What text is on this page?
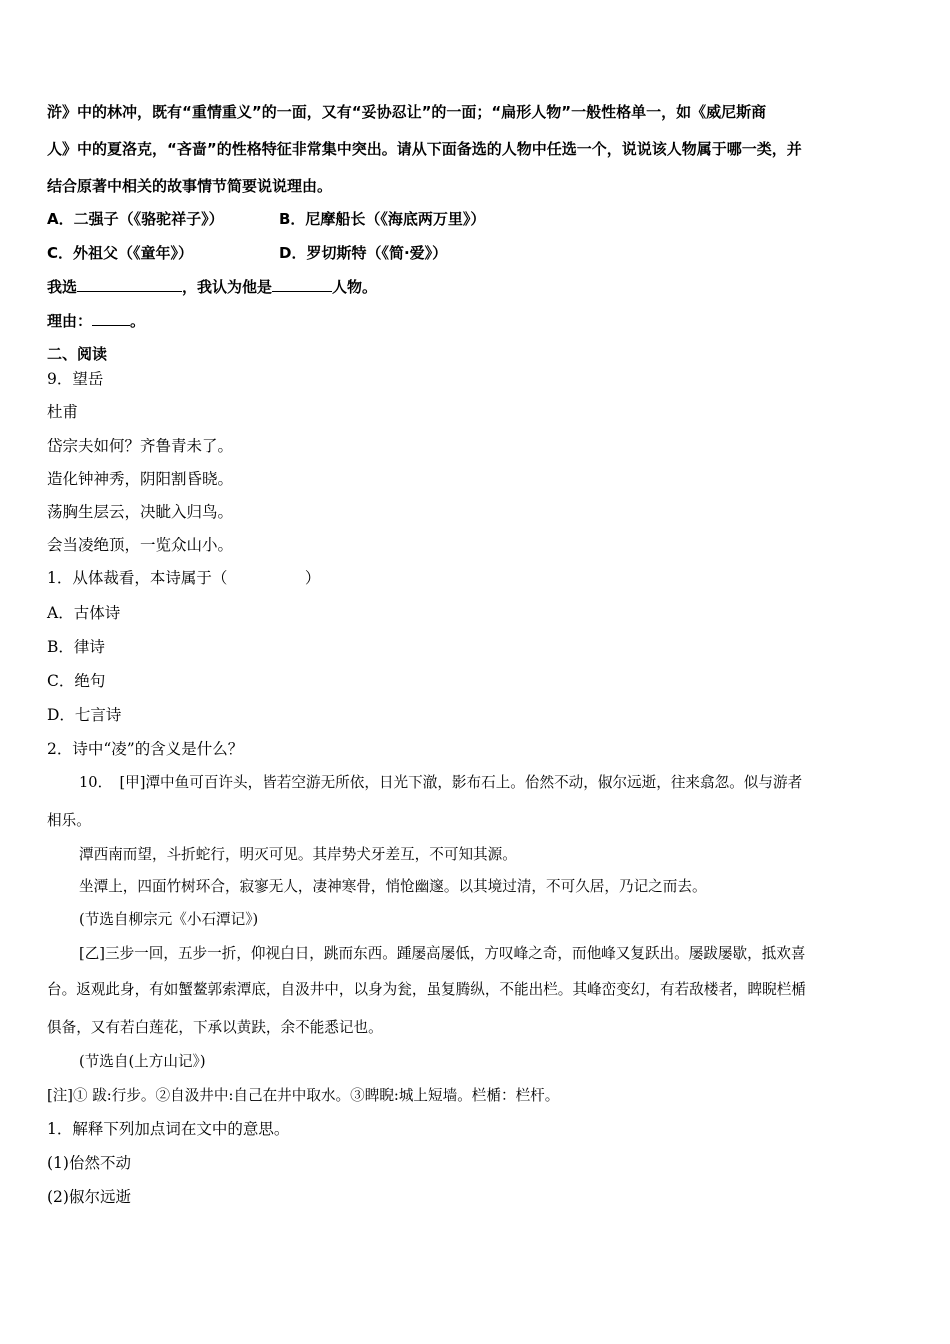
浒》中的林冲，既有“重情重义”的一面，又有“妥协忍让”的一面；“扁形人物”一般性格单一，如《威尼斯商
人》中的夏洛克，“吝啬”的性格特征非常集中突出。请从下面备选的人物中任选一个，说说该人物属于哪一类，并
结合原著中相关的故事情节简要说说理由。
A．二强子（《骆驼祥子》）	B．尼摩船长（《海底两万里》）
C．外祖父（《童年》）	D．罗切斯特（《简·爱》）
我选	，我认为他是	人物。
理由：	。
二、阅读
9．望岳
杜甫
岱宗夫如何？齐鲁青未了。
造化钟神秀，阴阳割昏晓。
荡胸生层云，决眦入归鸟。
会当凌绝顶，一览众山小。
1．从体裁看，本诗属于（　　　　　）
A．古体诗
B．律诗
C．绝句
D．七言诗
2．诗中“凌”的含义是什么？
10．　[甲]潭中鱼可百许头，皆若空游无所依，日光下澈，影布石上。佁然不动，俶尔远逝，往来翕忽。似与游者
相乐。
潭西南而望，斗折蛇行，明灭可见。其岸势犬牙差互，不可知其源。
坐潭上，四面竹树环合，寂寥无人，凄神寒骨，悄怆幽邃。以其境过清，不可久居，乃记之而去。
(节选自柳宗元《小石潭记》)
[乙]三步一回，五步一折，仰视白日，跳而东西。踵屡高屡低，方叹峰之奇，而他峰又复跃出。屡跋屡歇，抵欢喜
台。返观此身，有如蟹鳌郭索潭底，自汲井中，以身为瓮，虽复腾纵，不能出栏。其峰峦变幻，有若敌楼者，睥睨栏楯
俱备，又有若白莲花，下承以黄趺，余不能悉记也。
(节选自(上方山记》)
[注]① 跋:行步。②自汲井中:自己在井中取水。③睥睨:城上短墙。栏楯：栏杆。
1．解释下列加点词在文中的意思。
(1)佁然不动
(2)俶尔远逝
